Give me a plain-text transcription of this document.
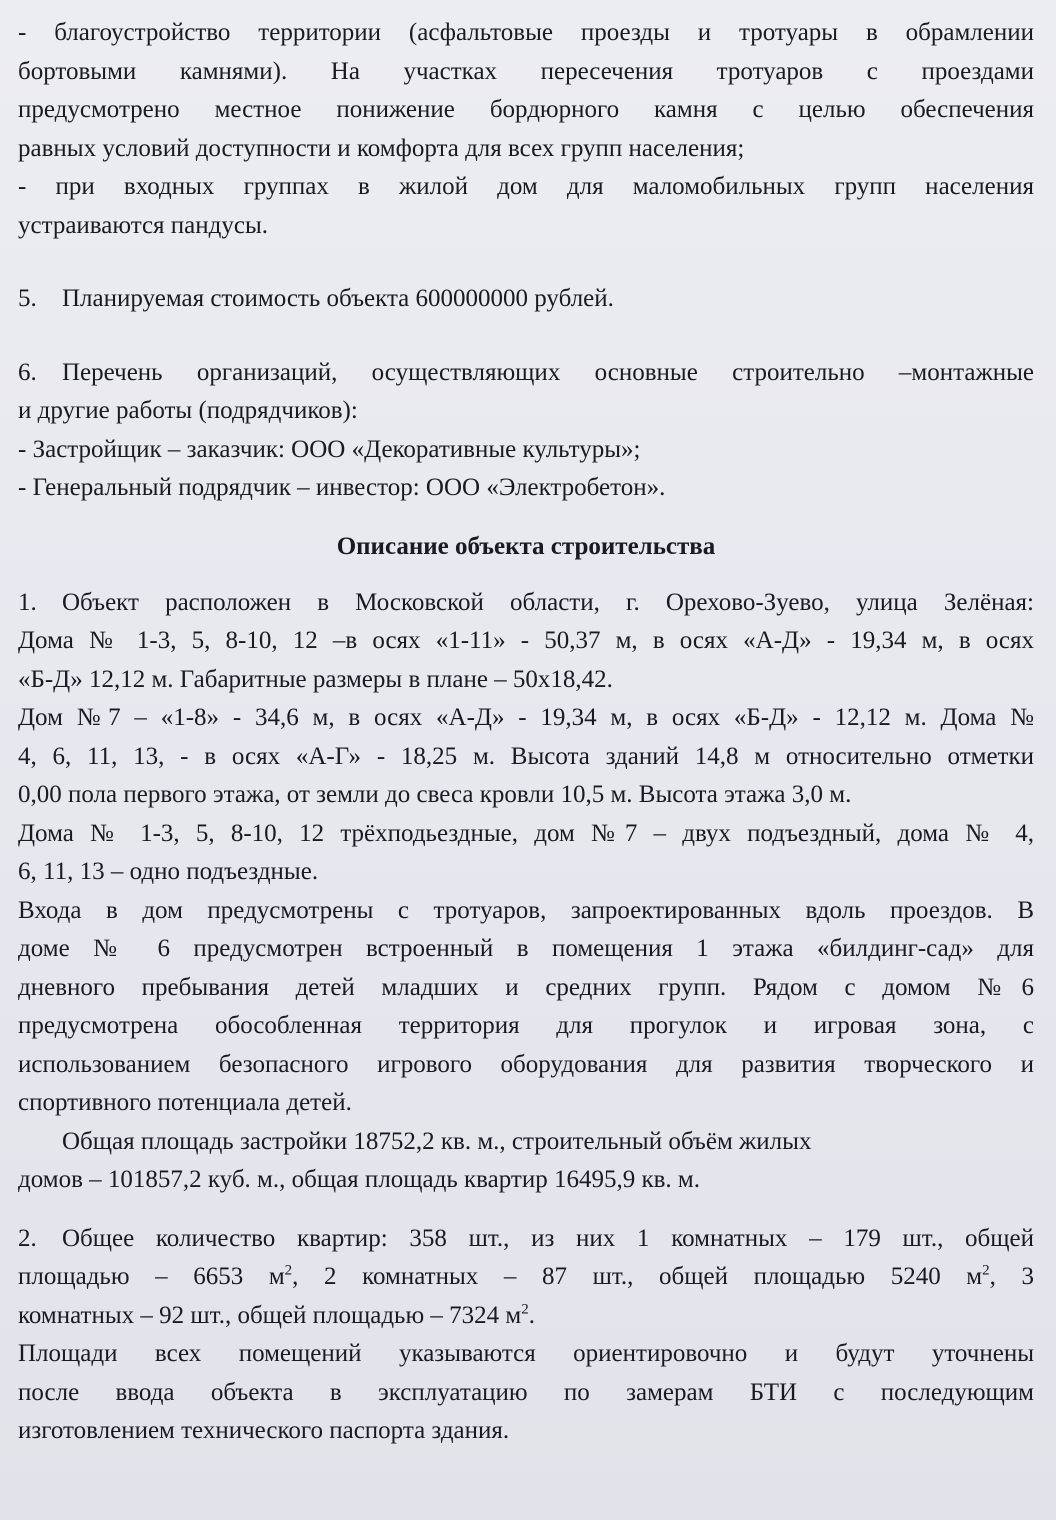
- благоустройство территории (асфальтовые проезды и тротуары в обрамлении

бортовыми камнями). На участках пересечения тротуаров с проездами

предусмотрено местное понижение бордюрного камня с целью обеспечения

равных условий доступности и комфорта для всех групп населения;

- при входных группах в жилой дом для маломобильных групп населения

устраиваются пандусы.

5. Планируемая стоимость объекта 600000000 рублей.

6. Перечень организаций, осуществляющих основные строительно –монтажные

и другие работы (подрядчиков):

- Застройщик – заказчик: ООО «Декоративные культуры»;

- Генеральный подрядчик – инвестор: ООО «Электробетон».

Описание объекта строительства

1. Объект расположен в Московской области, г. Орехово-Зуево, улица Зелёная:

Дома № 1-3, 5, 8-10, 12 –в осях «1-11» - 50,37 м, в осях «А-Д» - 19,34 м, в осях

«Б-Д» 12,12 м. Габаритные размеры в плане – 50х18,42.

Дом №7 – «1-8» - 34,6 м, в осях «А-Д» - 19,34 м, в осях «Б-Д» - 12,12 м. Дома №

4, 6, 11, 13, - в осях «А-Г» - 18,25 м. Высота зданий 14,8 м относительно отметки

0,00 пола первого этажа, от земли до свеса кровли 10,5 м. Высота этажа 3,0 м.

Дома № 1-3, 5, 8-10, 12 трёхподьездные, дом №7 – двух подъездный, дома № 4,

6, 11, 13 – одно подъездные.

Входа в дом предусмотрены с тротуаров, запроектированных вдоль проездов. В

доме № 6 предусмотрен встроенный в помещения 1 этажа «билдинг-сад» для

дневного пребывания детей младших и средних групп. Рядом с домом №6

предусмотрена обособленная территория для прогулок и игровая зона, с

использованием безопасного игрового оборудования для развития творческого и

спортивного потенциала детей.

Общая площадь застройки 18752,2 кв. м., строительный объём жилых

домов – 101857,2 куб. м., общая площадь квартир 16495,9 кв. м.

2. Общее количество квартир: 358 шт., из них 1 комнатных – 179 шт., общей

площадью – 6653 $м^2$, 2 комнатных – 87 шт., общей площадью 5240 $м^2$, 3

комнатных – 92 шт., общей площадью – 7324 $м^2$.

Площади всех помещений указываются ориентировочно и будут уточнены

после ввода объекта в эксплуатацию по замерам БТИ с последующим

изготовлением технического паспорта здания.
